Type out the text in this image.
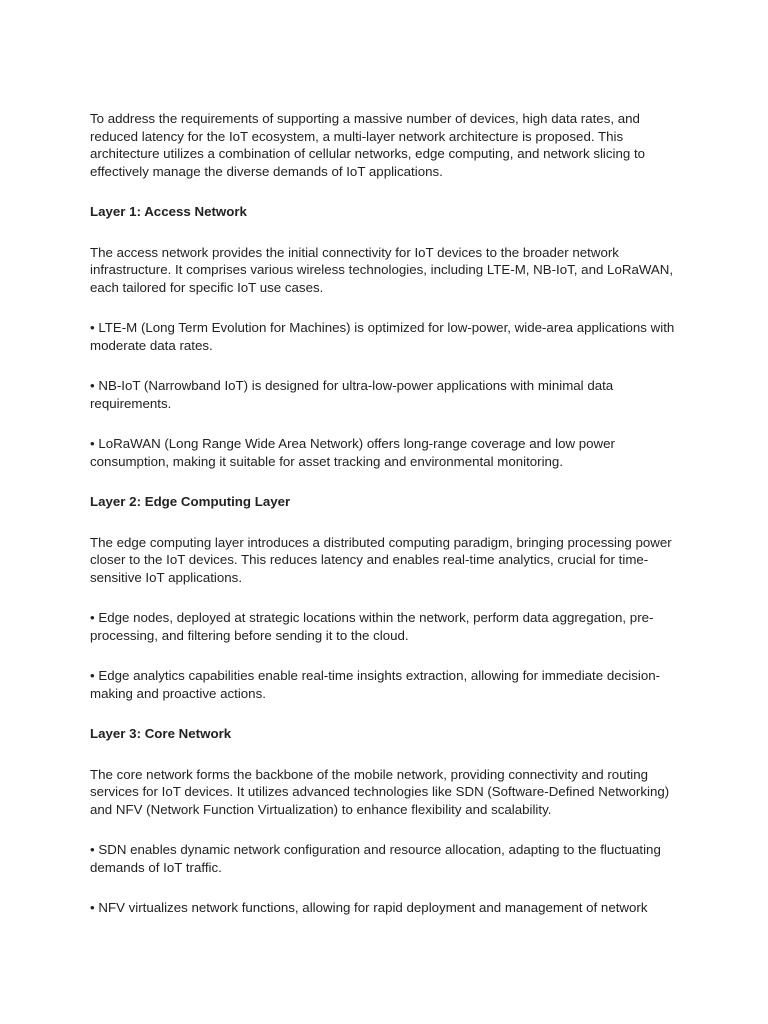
To address the requirements of supporting a massive number of devices, high data rates, and reduced latency for the IoT ecosystem, a multi-layer network architecture is proposed. This architecture utilizes a combination of cellular networks, edge computing, and network slicing to effectively manage the diverse demands of IoT applications.

Layer 1: Access Network

The access network provides the initial connectivity for IoT devices to the broader network infrastructure. It comprises various wireless technologies, including LTE-M, NB-IoT, and LoRaWAN, each tailored for specific IoT use cases.

• LTE-M (Long Term Evolution for Machines) is optimized for low-power, wide-area applications with moderate data rates.

• NB-IoT (Narrowband IoT) is designed for ultra-low-power applications with minimal data requirements.

• LoRaWAN (Long Range Wide Area Network) offers long-range coverage and low power consumption, making it suitable for asset tracking and environmental monitoring.

Layer 2: Edge Computing Layer

The edge computing layer introduces a distributed computing paradigm, bringing processing power closer to the IoT devices. This reduces latency and enables real-time analytics, crucial for time-sensitive IoT applications.

• Edge nodes, deployed at strategic locations within the network, perform data aggregation, pre-processing, and filtering before sending it to the cloud.

• Edge analytics capabilities enable real-time insights extraction, allowing for immediate decision-making and proactive actions.

Layer 3: Core Network

The core network forms the backbone of the mobile network, providing connectivity and routing services for IoT devices. It utilizes advanced technologies like SDN (Software-Defined Networking) and NFV (Network Function Virtualization) to enhance flexibility and scalability.

• SDN enables dynamic network configuration and resource allocation, adapting to the fluctuating demands of IoT traffic.

• NFV virtualizes network functions, allowing for rapid deployment and management of network
